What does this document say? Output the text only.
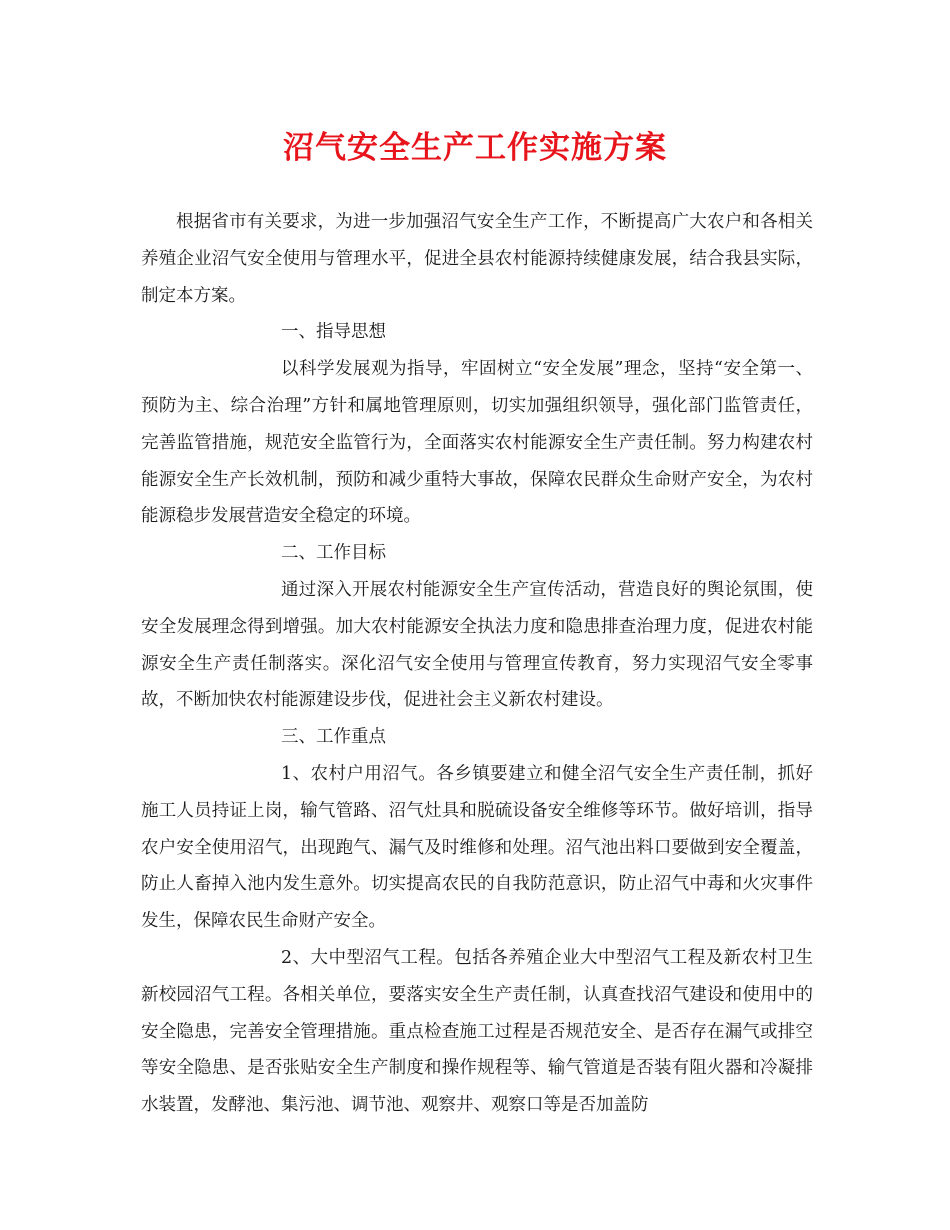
沼气安全生产工作实施方案

根据省市有关要求，为进一步加强沼气安全生产工作，不断提高广大农户和各相关养殖企业沼气安全使用与管理水平，促进全县农村能源持续健康发展，结合我县实际，制定本方案。

一、指导思想

以科学发展观为指导，牢固树立“安全发展”理念，坚持“安全第一、预防为主、综合治理”方针和属地管理原则，切实加强组织领导，强化部门监管责任，完善监管措施，规范安全监管行为，全面落实农村能源安全生产责任制。努力构建农村能源安全生产长效机制，预防和减少重特大事故，保障农民群众生命财产安全，为农村能源稳步发展营造安全稳定的环境。

二、工作目标

通过深入开展农村能源安全生产宣传活动，营造良好的舆论氛围，使安全发展理念得到增强。加大农村能源安全执法力度和隐患排查治理力度，促进农村能源安全生产责任制落实。深化沼气安全使用与管理宣传教育，努力实现沼气安全零事故，不断加快农村能源建设步伐，促进社会主义新农村建设。

三、工作重点

1、农村户用沼气。各乡镇要建立和健全沼气安全生产责任制，抓好施工人员持证上岗，输气管路、沼气灶具和脱硫设备安全维修等环节。做好培训，指导农户安全使用沼气，出现跑气、漏气及时维修和处理。沼气池出料口要做到安全覆盖，防止人畜掉入池内发生意外。切实提高农民的自我防范意识，防止沼气中毒和火灾事件发生，保障农民生命财产安全。

2、大中型沼气工程。包括各养殖企业大中型沼气工程及新农村卫生新校园沼气工程。各相关单位，要落实安全生产责任制，认真查找沼气建设和使用中的安全隐患，完善安全管理措施。重点检查施工过程是否规范安全、是否存在漏气或排空等安全隐患、是否张贴安全生产制度和操作规程等、输气管道是否装有阻火器和冷凝排水装置，发酵池、集污池、调节池、观察井、观察口等是否加盖防
